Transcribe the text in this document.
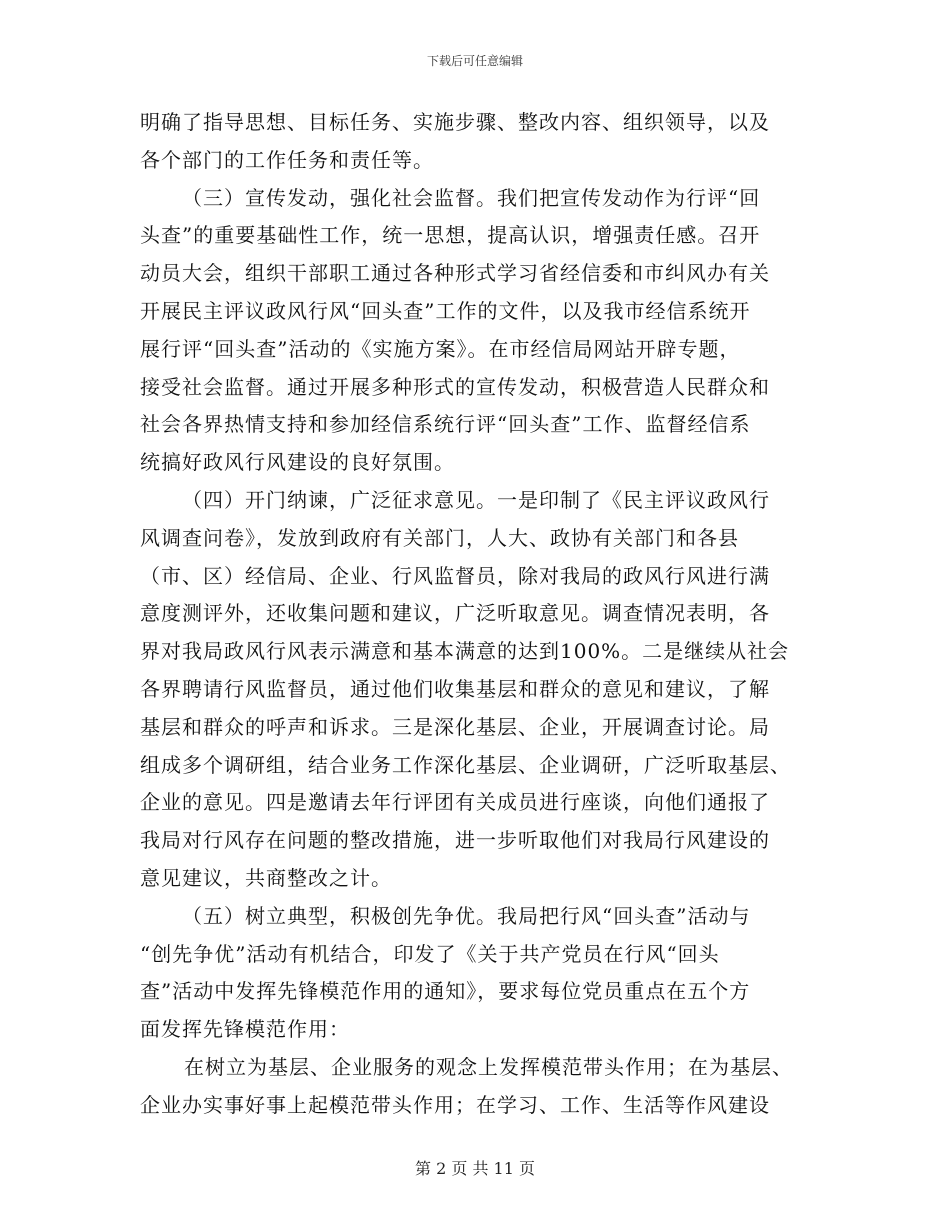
下载后可任意编辑
明确了指导思想、目标任务、实施步骤、整改内容、组织领导，以及
各个部门的工作任务和责任等。
（三）宣传发动，强化社会监督。我们把宣传发动作为行评“回
头查”的重要基础性工作，统一思想，提高认识，增强责任感。召开
动员大会，组织干部职工通过各种形式学习省经信委和市纠风办有关
开展民主评议政风行风“回头查”工作的文件，以及我市经信系统开
展行评“回头查”活动的《实施方案》。在市经信局网站开辟专题，
接受社会监督。通过开展多种形式的宣传发动，积极营造人民群众和
社会各界热情支持和参加经信系统行评“回头查”工作、监督经信系
统搞好政风行风建设的良好氛围。
（四）开门纳谏，广泛征求意见。一是印制了《民主评议政风行
风调查问卷》，发放到政府有关部门，人大、政协有关部门和各县
（市、区）经信局、企业、行风监督员，除对我局的政风行风进行满
意度测评外，还收集问题和建议，广泛听取意见。调查情况表明，各
界对我局政风行风表示满意和基本满意的达到100%。二是继续从社会
各界聘请行风监督员，通过他们收集基层和群众的意见和建议，了解
基层和群众的呼声和诉求。三是深化基层、企业，开展调查讨论。局
组成多个调研组，结合业务工作深化基层、企业调研，广泛听取基层、
企业的意见。四是邀请去年行评团有关成员进行座谈，向他们通报了
我局对行风存在问题的整改措施，进一步听取他们对我局行风建设的
意见建议，共商整改之计。
（五）树立典型，积极创先争优。我局把行风“回头查”活动与
“创先争优”活动有机结合，印发了《关于共产党员在行风“回头
查”活动中发挥先锋模范作用的通知》，要求每位党员重点在五个方
面发挥先锋模范作用：
在树立为基层、企业服务的观念上发挥模范带头作用；在为基层、
企业办实事好事上起模范带头作用；在学习、工作、生活等作风建设
第 2 页 共 11 页
